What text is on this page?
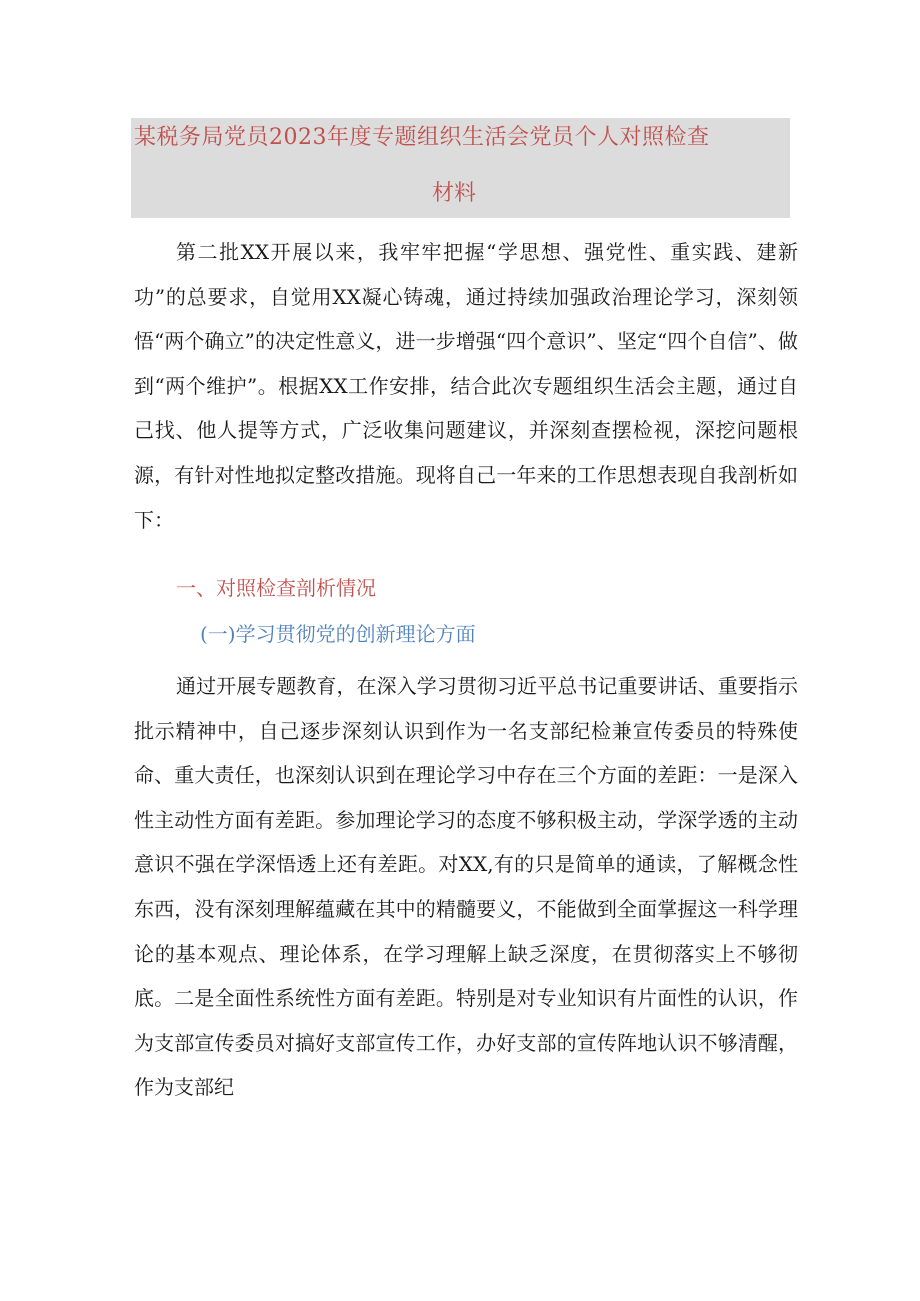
某税务局党员2023年度专题组织生活会党员个人对照检查
材料

第二批XX开展以来，我牢牢把握“学思想、强党性、重实践、建新功”的总要求，自觉用XX凝心铸魂，通过持续加强政治理论学习，深刻领悟“两个确立”的决定性意义，进一步增强“四个意识”、坚定“四个自信”、做到“两个维护”。根据XX工作安排，结合此次专题组织生活会主题，通过自己找、他人提等方式，广泛收集问题建议，并深刻查摆检视，深挖问题根源，有针对性地拟定整改措施。现将自己一年来的工作思想表现自我剖析如下：

一、对照检查剖析情况
(一)学习贯彻党的创新理论方面

通过开展专题教育，在深入学习贯彻习近平总书记重要讲话、重要指示批示精神中，自己逐步深刻认识到作为一名支部纪检兼宣传委员的特殊使命、重大责任，也深刻认识到在理论学习中存在三个方面的差距：一是深入性主动性方面有差距。参加理论学习的态度不够积极主动，学深学透的主动意识不强在学深悟透上还有差距。对XX,有的只是简单的通读，了解概念性东西，没有深刻理解蕴藏在其中的精髓要义，不能做到全面掌握这一科学理论的基本观点、理论体系，在学习理解上缺乏深度，在贯彻落实上不够彻底。二是全面性系统性方面有差距。特别是对专业知识有片面性的认识，作为支部宣传委员对搞好支部宣传工作，办好支部的宣传阵地认识不够清醒，作为支部纪
